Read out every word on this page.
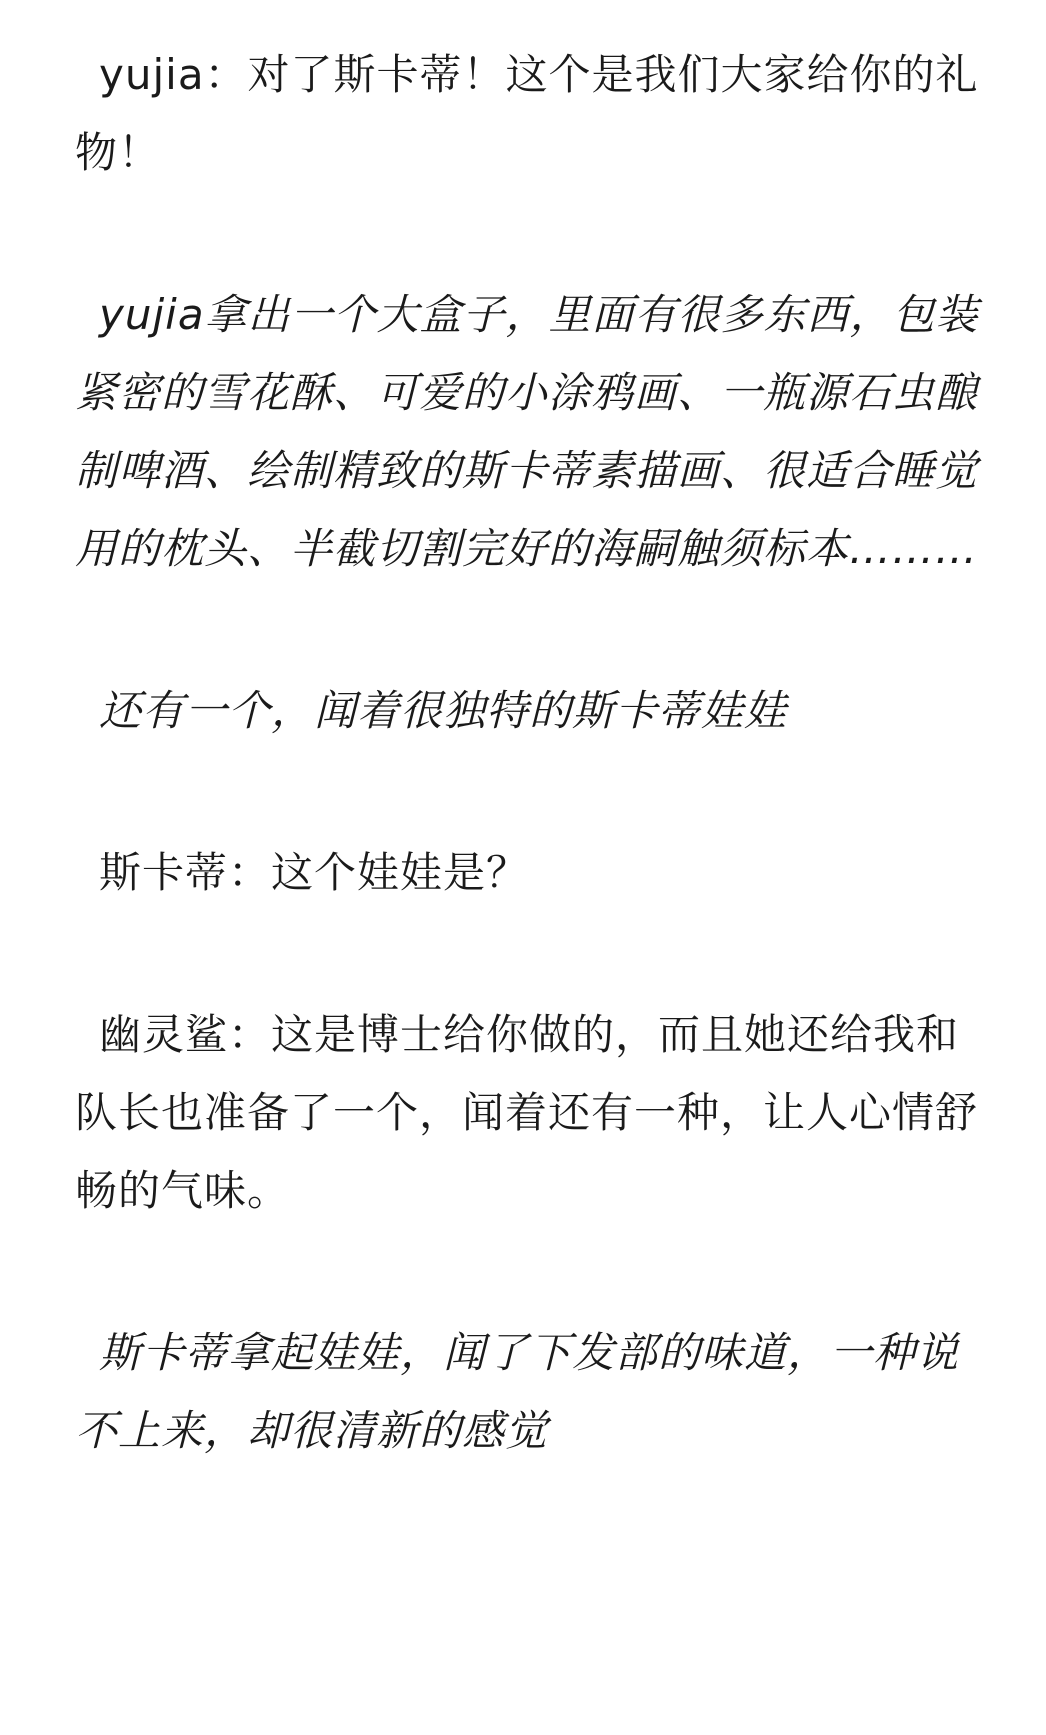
yujia：对了斯卡蒂！这个是我们大家给你的礼物！

yujia拿出一个大盒子，里面有很多东西，包装紧密的雪花酥、可爱的小涂鸦画、一瓶源石虫酿制啤酒、绘制精致的斯卡蒂素描画、很适合睡觉用的枕头、半截切割完好的海嗣触须标本………

还有一个，闻着很独特的斯卡蒂娃娃

斯卡蒂：这个娃娃是？

幽灵鲨：这是博士给你做的，而且她还给我和队长也准备了一个，闻着还有一种，让人心情舒畅的气味。

斯卡蒂拿起娃娃，闻了下发部的味道，一种说不上来，却很清新的感觉
